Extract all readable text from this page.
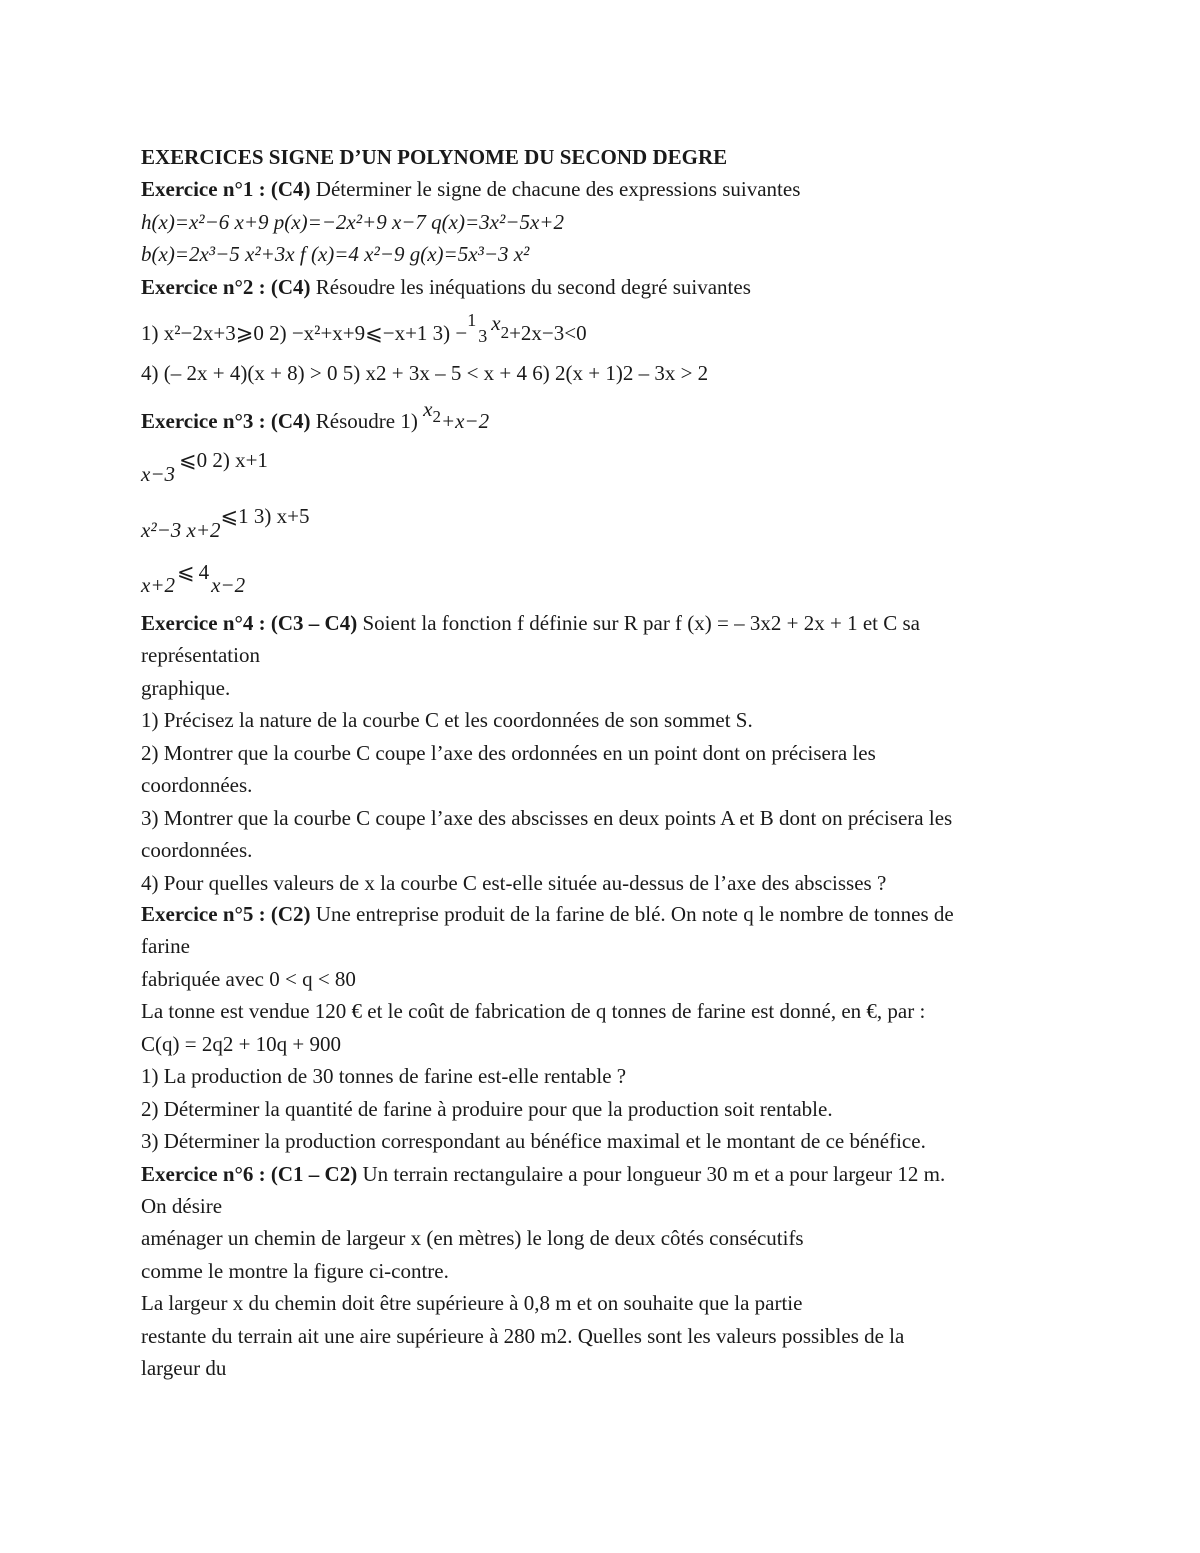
EXERCICES SIGNE D’UN POLYNOME DU SECOND DEGRE
Exercice n°1 : (C4) Déterminer le signe de chacune des expressions suivantes
h(x)=x²−6 x+9 p(x)=−2x²+9 x−7 q(x)=3x²−5x+2
b(x)=2x³−5 x²+3x f (x)=4 x²−9 g(x)=5x³−3 x²
Exercice n°2 : (C4) Résoudre les inéquations du second degré suivantes
1) x²−2x+3⩾0 2) −x²+x+9⩽−x+1 3) −13x2+2x−3<0
4) (– 2x + 4)(x + 8) > 0 5) x2 + 3x – 5 < x + 4 6) 2(x + 1)2 – 3x > 2
Exercice n°3 : (C4) Résoudre 1) $x^2+x-2$
x−3⩽0 2) x+1
x²−3 x+2⩽1 3) x+5
x+2⩽ 4x−2
Exercice n°4 : (C3 – C4) Soient la fonction f définie sur R par f (x) = – 3x2 + 2x + 1 et C sa
représentation
graphique.
1) Précisez la nature de la courbe C et les coordonnées de son sommet S.
2) Montrer que la courbe C coupe l’axe des ordonnées en un point dont on précisera les
coordonnées.
3) Montrer que la courbe C coupe l’axe des abscisses en deux points A et B dont on précisera les
coordonnées.
4) Pour quelles valeurs de x la courbe C est-elle située au-dessus de l’axe des abscisses ?
Exercice n°5 : (C2) Une entreprise produit de la farine de blé. On note q le nombre de tonnes de
farine
fabriquée avec 0 < q < 80
La tonne est vendue 120 € et le coût de fabrication de q tonnes de farine est donné, en €, par :
C(q) = 2q2 + 10q + 900
1) La production de 30 tonnes de farine est-elle rentable ?
2) Déterminer la quantité de farine à produire pour que la production soit rentable.
3) Déterminer la production correspondant au bénéfice maximal et le montant de ce bénéfice.
Exercice n°6 : (C1 – C2) Un terrain rectangulaire a pour longueur 30 m et a pour largeur 12 m.
On désire
aménager un chemin de largeur x (en mètres) le long de deux côtés consécutifs
comme le montre la figure ci-contre.
La largeur x du chemin doit être supérieure à 0,8 m et on souhaite que la partie
restante du terrain ait une aire supérieure à 280 m2. Quelles sont les valeurs possibles de la
largeur du
